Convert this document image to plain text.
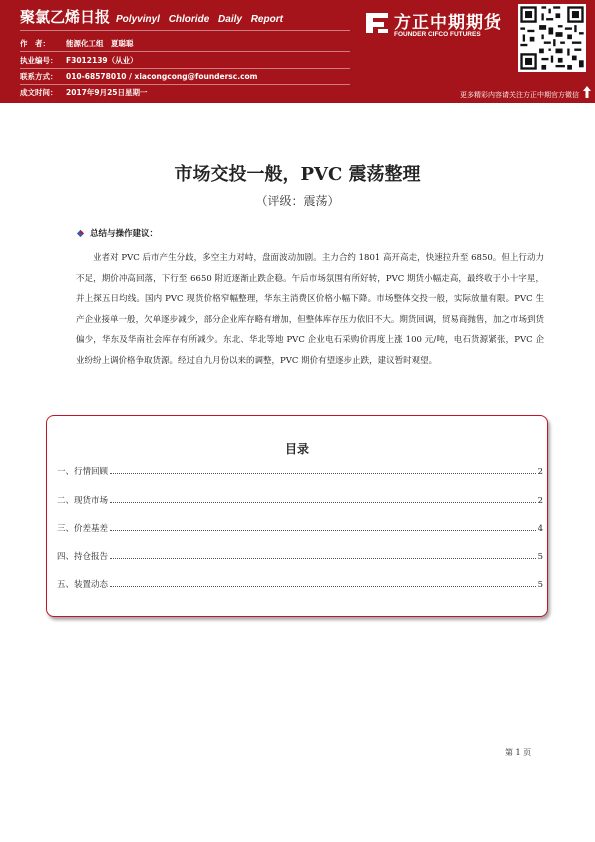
聚氯乙烯日报 Polyvinyl Chloride Daily Report
作　者： 能源化工组　夏聪聪
执业编号： F3012139（从业）
联系方式： 010-68578010 / xiacongcong@foundersc.com
成文时间： 2017年9月25日星期一
方正中期期货
FOUNDER CIFCO FUTURES
更多精彩内容请关注方正中期官方微信
市场交投一般，PVC 震荡整理
（评级：震荡）
总结与操作建议：

业者对 PVC 后市产生分歧，多空主力对峙，盘面波动加剧。主力合约 1801 高开高走，快速拉升至 6850。但上行动力不足，期价冲高回落，下行至 6650 附近逐渐止跌企稳。午后市场氛围有所好转，PVC 期货小幅走高，最终收于小十字星，并上探五日均线。国内 PVC 现货价格窄幅整理，华东主消费区价格小幅下降。市场整体交投一般，实际放量有限。PVC 生产企业接单一般，欠单逐步减少，部分企业库存略有增加，但整体库存压力依旧不大。期货回调，贸易商抛售，加之市场到货偏少，华东及华南社会库存有所减少。东北、华北等地 PVC 企业电石采购价再度上涨 100 元/吨，电石货源紧张，PVC 企业纷纷上调价格争取货源。经过自九月份以来的调整，PVC 期价有望逐步止跌，建议暂时观望。

目录
一、行情回顾	2
二、现货市场	2
三、价差基差	4
四、持仓报告	5
五、装置动态	5
第 1 页
